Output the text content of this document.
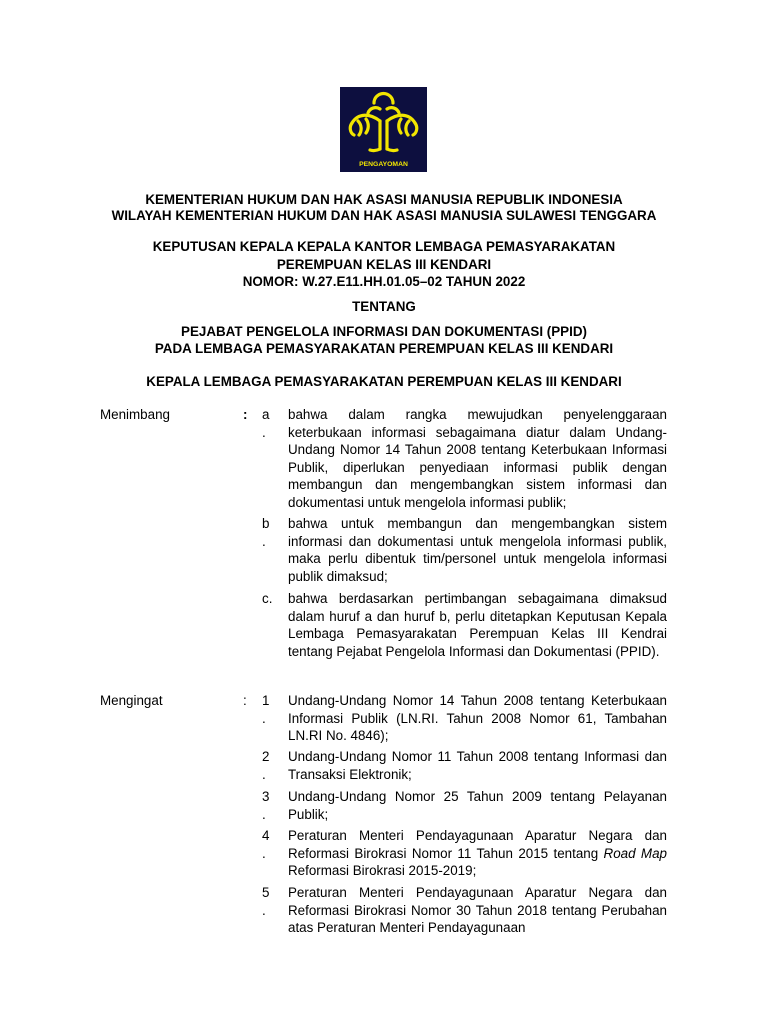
PENGAYOMAN

KEMENTERIAN HUKUM DAN HAK ASASI MANUSIA REPUBLIK INDONESIA

WILAYAH KEMENTERIAN HUKUM DAN HAK ASASI MANUSIA SULAWESI TENGGARA

KEPUTUSAN KEPALA KEPALA KANTOR LEMBAGA PEMASYARAKATAN

PEREMPUAN KELAS III KENDARI

NOMOR: W.27.E11.HH.01.05–02 TAHUN 2022

TENTANG

PEJABAT PENGELOLA INFORMASI DAN DOKUMENTASI (PPID)

PADA LEMBAGA PEMASYARAKATAN PEREMPUAN KELAS III KENDARI

KEPALA LEMBAGA PEMASYARAKATAN PEREMPUAN KELAS III KENDARI

Menimbang	: a
.
bahwa dalam rangka mewujudkan penyelenggaraan keterbukaan informasi sebagaimana diatur dalam Undang-Undang Nomor 14 Tahun 2008 tentang Keterbukaan Informasi Publik, diperlukan penyediaan informasi publik dengan membangun dan mengembangkan sistem informasi dan dokumentasi untuk mengelola informasi publik;
b
.
bahwa untuk membangun dan mengembangkan sistem informasi dan dokumentasi untuk mengelola informasi publik, maka perlu dibentuk tim/personel untuk mengelola informasi publik dimaksud;
c. bahwa berdasarkan pertimbangan sebagaimana dimaksud dalam huruf a dan huruf b, perlu ditetapkan Keputusan Kepala Lembaga Pemasyarakatan Perempuan Kelas III Kendrai tentang Pejabat Pengelola Informasi dan Dokumentasi (PPID).
Mengingat	: 1
.
Undang-Undang Nomor 14 Tahun 2008 tentang Keterbukaan Informasi Publik (LN.RI. Tahun 2008 Nomor 61, Tambahan LN.RI No. 4846);
2
.
Undang-Undang Nomor 11 Tahun 2008 tentang Informasi dan Transaksi Elektronik;
3
.
Undang-Undang Nomor 25 Tahun 2009 tentang Pelayanan Publik;
4
.
Peraturan Menteri Pendayagunaan Aparatur Negara dan Reformasi Birokrasi Nomor 11 Tahun 2015 tentang Road Map Reformasi Birokrasi 2015-2019;
5
.
Peraturan Menteri Pendayagunaan Aparatur Negara dan Reformasi Birokrasi Nomor 30 Tahun 2018 tentang Perubahan atas Peraturan Menteri Pendayagunaan
